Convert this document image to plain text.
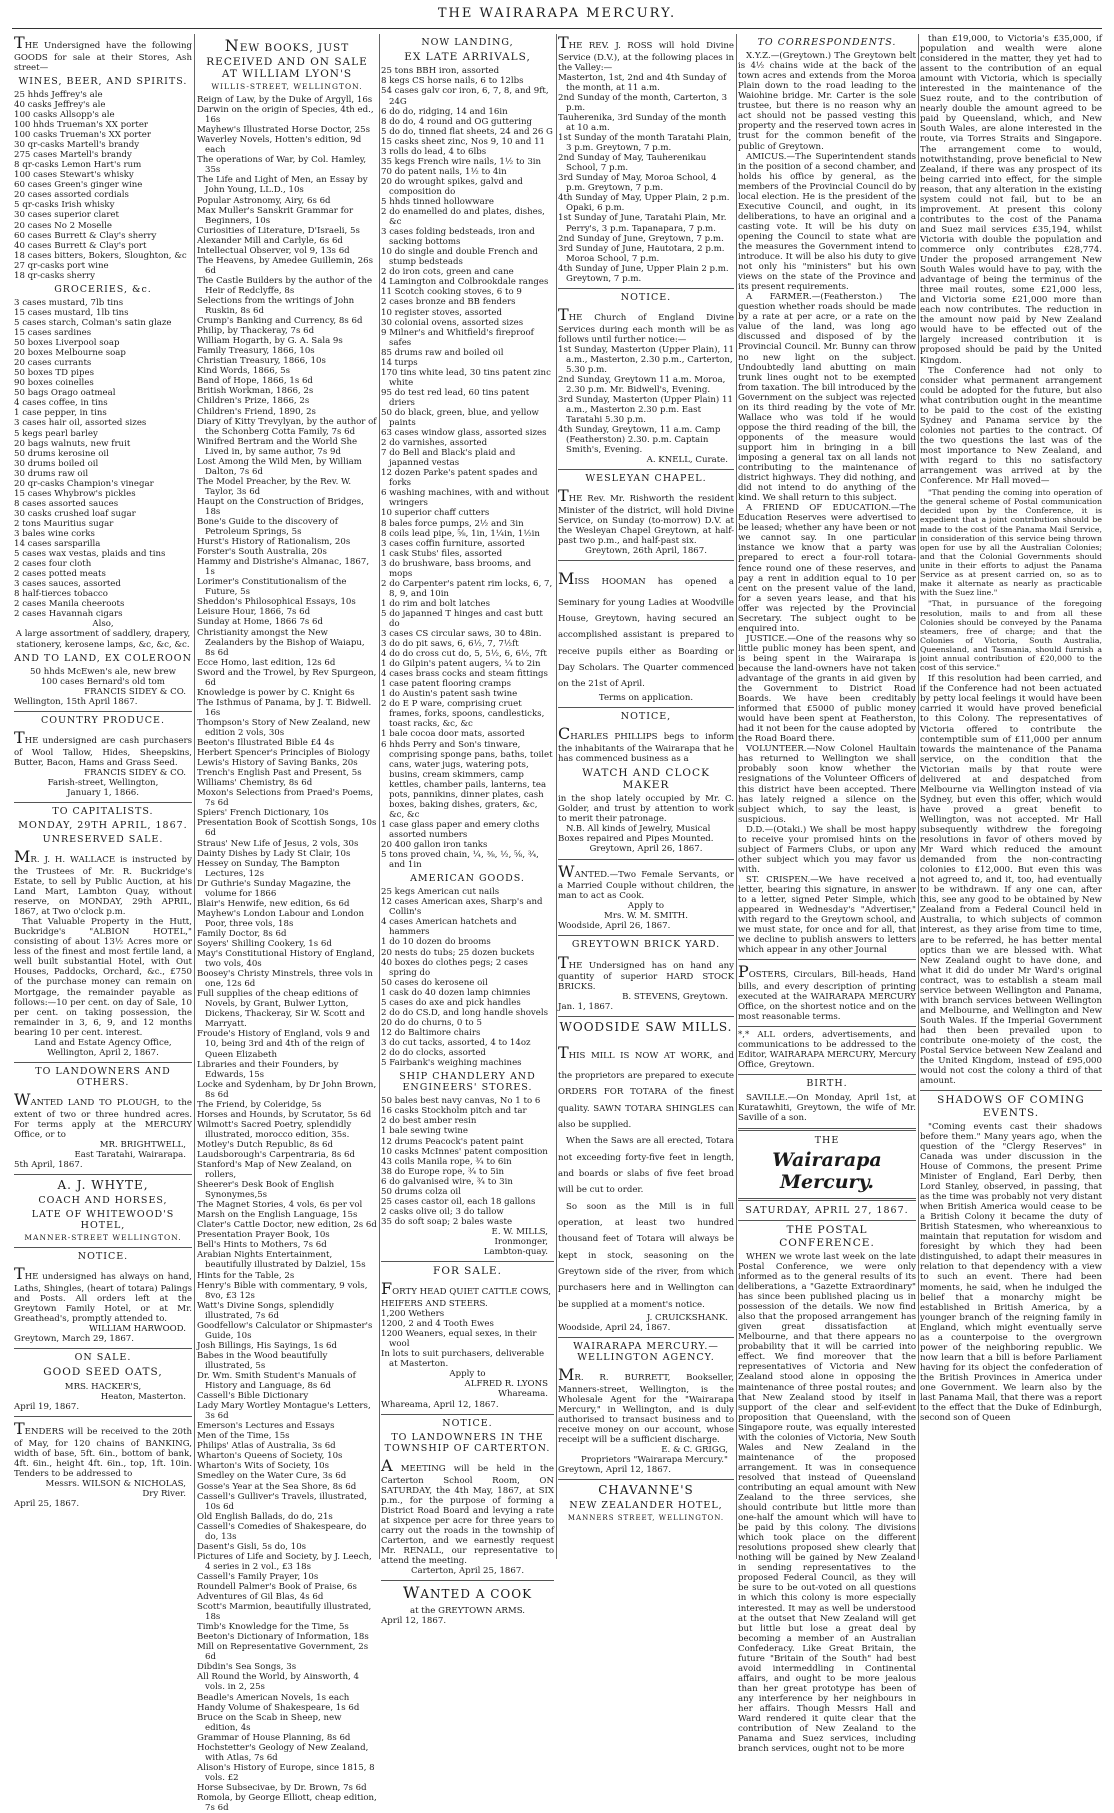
THE WAIRARAPA MERCURY.

THE Undersigned have the following GOODS for sale at their Stores, Ash street—

WINES, BEER, AND SPIRITS.
25 hhds Jeffrey's ale
40 casks Jeffrey's ale
100 casks Allsopp's ale
100 hhds Trueman's XX porter
100 casks Trueman's XX porter
30 qr-casks Martell's brandy
275 cases Martell's brandy
8 qr-casks Lemon Hart's rum
100 cases Stewart's whisky
60 cases Green's ginger wine
20 cases assorted cordials
5 qr-casks Irish whisky
30 cases superior claret
20 cases No 2 Moselle
60 cases Burrett & Clay's sherry
40 cases Burrett & Clay's port
18 cases bitters, Bokers, Sloughton, &c
27 qr-casks port wine
18 qr-casks sherry
GROCERIES, &c.
3 cases mustard, 7lb tins
15 cases mustard, 1lb tins
5 cases starch, Colman's satin glaze
15 cases sardines
50 boxes Liverpool soap
20 boxes Melbourne soap
20 cases currants
50 boxes TD pipes
90 boxes coinelles
50 bags Orago oatmeal
4 cases coffee, in tins
1 case pepper, in tins
3 cases hair oil, assorted sizes
5 kegs pearl barley
20 bags walnuts, new fruit
50 drums kerosine oil
30 drums boiled oil
30 drums raw oil
20 qr-casks Champion's vinegar
15 cases Whybrow's pickles
8 cases assorted sauces
30 casks crushed loaf sugar
2 tons Mauritius sugar
3 bales wine corks
14 cases sarsparilla
5 cases wax vestas, plaids and tins
2 cases four cloth
2 cases potted meats
3 cases sauces, assorted
8 half-tierces tobacco
2 cases Manila cheeroots
2 cases Havannah cigars
Also,

A large assortment of saddlery, drapery, stationery, kerosene lamps, &c, &c, &c.

AND TO LAND, EX COLEROON
50 hhds McEwen's ale, new brew
100 cases Bernard's old tom
FRANCIS SIDEY & CO.
Wellington, 15th April 1867.
COUNTRY PRODUCE.

THE undersigned are cash purchasers of Wool Tallow, Hides, Sheepskins, Butter, Bacon, Hams and Grass Seed.

FRANCIS SIDEY & CO.
Farish-street, Wellington,
January 1, 1866.
TO CAPITALISTS.
MONDAY, 29TH APRIL, 1867.
UNRESERVED SALE.

MR. J. H. WALLACE is instructed by the Trustees of Mr. R. Buckridge's Estate, to sell by Public Auction, at his Land Mart, Lambton Quay, without reserve, on MONDAY, 29th APRIL, 1867, at Two o'clock p.m.

That Valuable Property in the Hutt, Buckridge's "ALBION HOTEL," consisting of about 13½ Acres more or less of the finest and most fertile land, a well built substantial Hotel, with Out Houses, Paddocks, Orchard, &c., £750 of the purchase money can remain on Mortgage, the remainder payable as follows:—10 per cent. on day of Sale, 10 per cent. on taking possession, the remainder in 3, 6, 9, and 12 months bearing 10 per cent. interest.

Land and Estate Agency Office,
Wellington, April 2, 1867.
TO LANDOWNERS AND OTHERS.

WANTED LAND TO PLOUGH, to the extent of two or three hundred acres. For terms apply at the MERCURY Office, or to

MR. BRIGHTWELL,
East Taratahi, Wairarapa.
5th April, 1867.
A. J. WHYTE,
COACH AND HORSES,
LATE OF WHITEWOOD'S HOTEL,
MANNER-STREET WELLINGTON.
NOTICE.

THE undersigned has always on hand, Laths, Shingles, (heart of totara) Palings and Posts. All orders left at the Greytown Family Hotel, or at Mr. Greathead's, promptly attended to.

WILLIAM HARWOOD.
Greytown, March 29, 1867.
ON SALE.
GOOD SEED OATS,
MRS. HACKER'S,
Heaton, Masterton.
April 19, 1867.

TENDERS will be received to the 20th of May, for 120 chains of BANKING, width of base, 5ft. 6in., bottom of bank, 4ft. 6in., height 4ft. 6in., top, 1ft. 10in. Tenders to be addressed to

Messrs. WILSON & NICHOLAS,
Dry River.
April 25, 1867.
NEW BOOKS, JUST RECEIVED AND ON SALE AT WILLIAM LYON'S
WILLIS-STREET, WELLINGTON.
Reign of Law, by the Duke of Argyll, 16s
Darwin on the origin of Species, 4th ed., 16s
Mayhew's Illustrated Horse Doctor, 25s
Waverley Novels, Hotten's edition, 9d each
The operations of War, by Col. Hamley, 35s
The Life and Light of Men, an Essay by John Young, LL.D., 10s
Popular Astronomy, Airy, 6s 6d
Max Muller's Sanskrit Grammar for Beginners, 10s
Curiosities of Literature, D'Israeli, 5s
Alexander Mill and Carlyle, 6s 6d
Intellectual Observer, vol 9, 13s 6d
The Heavens, by Amedee Guillemin, 26s 6d
The Castle Builders by the author of the Heir of Redclyffe, 8s
Selections from the writings of John Ruskin, 8s 6d
Crump's Banking and Currency, 8s 6d
Philip, by Thackeray, 7s 6d
William Hogarth, by G. A. Sala 9s
Family Treasury, 1866, 10s
Christian Treasury, 1866, 10s
Kind Words, 1866, 5s
Band of Hope, 1866, 1s 6d
British Workman, 1866, 2s
Children's Prize, 1866, 2s
Children's Friend, 1890, 2s
Diary of Kitty Trevylyan, by the author of the Schonberg Cotta Family, 7s 6d
Winifred Bertram and the World She Lived in, by same author, 7s 9d
Lost Among the Wild Men, by William Dalton, 7s 6d
The Model Preacher, by the Rev. W. Taylor, 3s 6d
Haupt on the Construction of Bridges, 18s
Bone's Guide to the discovery of Petroleum Springs, 5s
Hurst's History of Rationalism, 20s
Forster's South Australia, 20s
Hammy and Distrishe's Almanac, 1867, 1s
Lorimer's Constitutionalism of the Future, 5s
Sheddon's Philosophical Essays, 10s
Leisure Hour, 1866, 7s 6d
Sunday at Home, 1866 7s 6d
Christianity amongst the New Zealanders by the Bishop of Waiapu, 8s 6d
Ecce Homo, last edition, 12s 6d
Sword and the Trowel, by Rev Spurgeon, 6d
Knowledge is power by C. Knight 6s
The Isthmus of Panama, by J. T. Bidwell. 16s
Thompson's Story of New Zealand, new edition 2 vols, 30s
Beeton's Illustrated Bible £4 4s
Herbert Spencer's Principles of Biology
Lewis's History of Saving Banks, 20s
Trench's English Past and Present, 5s
Williams' Chemistry, 8s 6d
Moxon's Selections from Praed's Poems, 7s 6d
Spiers' French Dictionary, 10s
Presentation Book of Scottish Songs, 10s 6d
Straus' New Life of Jesus, 2 vols, 30s
Dainty Dishes by Lady St Clair, 10s
Hessey on Sunday, The Bampton Lectures, 12s
Dr Guthrie's Sunday Magazine, the volume for 1866
Blair's Henwife, new edition, 6s 6d
Mayhew's London Labour and London Poor, three vols, 18s
Family Doctor, 8s 6d
Soyers' Shilling Cookery, 1s 6d
May's Constitutional History of England, two vols, 40s
Boosey's Christy Minstrels, three vols in one, 12s 6d
Full supplies of the cheap editions of Novels, by Grant, Bulwer Lytton, Dickens, Thackeray, Sir W. Scott and Marryatt.
Froude's History of England, vols 9 and 10, being 3rd and 4th of the reign of Queen Elizabeth
Libraries and their Founders, by Edwards, 15s
Locke and Sydenham, by Dr John Brown, 8s 6d
The Friend, by Coleridge, 5s
Horses and Hounds, by Scrutator, 5s 6d
Wilmott's Sacred Poetry, splendidly illustrated, morocco edition, 35s.
Motley's Dutch Republic, 8s 6d
Laudsborough's Carpentraria, 8s 6d
Stanford's Map of New Zealand, on rollers,
Sheerer's Desk Book of English Synonymes,5s
The Magnet Stories, 4 vols, 6s per vol
Marsh on the English Language, 15s
Clater's Cattle Doctor, new edition, 2s 6d
Presentation Prayer Book, 10s
Bell's Hints to Mothers, 7s 6d
Arabian Nights Entertainment, beautifully illustrated by Dalziel, 15s
Hints for the Table, 2s
Henry's Bible with commentary, 9 vols, 8vo, £3 12s
Watt's Divine Songs, splendidly illustrated, 7s 6d
Goodfellow's Calculator or Shipmaster's Guide, 10s
Josh Billings, His Sayings, 1s 6d
Babes in the Wood beautifully illustrated, 5s
Dr. Wm. Smith Student's Manuals of History and Language, 8s 6d
Cassell's Bible Dictionary
Lady Mary Wortley Montague's Letters, 3s 6d
Emerson's Lectures and Essays
Men of the Time, 15s
Philips' Atlas of Australia, 3s 6d
Wharton's Queens of Society, 10s
Wharton's Wits of Society, 10s
Smedley on the Water Cure, 3s 6d
Gosse's Year at the Sea Shore, 8s 6d
Cassell's Gulliver's Travels, illustrated, 10s 6d
Old English Ballads, do do, 21s
Cassell's Comedies of Shakespeare, do do, 13s
Dasent's Gisli, 5s do, 10s
Pictures of Life and Society, by J. Leech, 4 series in 2 vol., £3 18s
Cassell's Family Prayer, 10s
Roundell Palmer's Book of Praise, 6s
Adventures of Gil Blas, 4s 6d
Scott's Marmion, beautifully illustrated, 18s
Timb's Knowledge for the Time, 5s
Beeton's Dictionary of Information, 18s
Mill on Representative Government, 2s 6d
Dibdin's Sea Songs, 3s
All Round the World, by Ainsworth, 4 vols. in 2, 25s
Beadle's American Novels, 1s each
Handy Volume of Shakespeare, 1s 6d
Bruce on the Scab in Sheep, new edition, 4s
Grammar of House Planning, 8s 6d
Hochstetter's Geology of New Zealand, with Atlas, 7s 6d
Alison's History of Europe, since 1815, 8 vols. £2
Horse Subsecivae, by Dr. Brown, 7s 6d
Romola, by George Elliott, cheap edition, 7s 6d
NOW LANDING,
EX LATE ARRIVALS,
25 tons BBH iron, assorted
8 kegs CS horse nails, 6 to 12lbs
54 cases galv cor iron, 6, 7, 8, and 9ft, 24G
6 do do, ridging, 14 and 16in
8 do do, 4 round and OG guttering
5 do do, tinned flat sheets, 24 and 26 G
15 casks sheet zinc, Nos 9, 10 and 11
3 rolls do lead, 4 to 6lbs
35 kegs French wire nails, 1½ to 3in
70 do patent nails, 1½ to 4in
20 do wrought spikes, galvd and composition do
5 hhds tinned hollowware
2 do enamelled do and plates, dishes, &c
3 cases folding bedsteads, iron and sacking bottoms
10 do single and double French and stump bedsteads
2 do iron cots, green and cane
4 Lamington and Colbrookdale ranges
11 Scotch cooking stoves, 6 to 9
2 cases bronze and BB fenders
10 register stoves, assorted
30 colonial ovens, assorted sizes
9 Milner's and Whitfield's fireproof safes
85 drums raw and boiled oil
14 turps
170 tins white lead, 30 tins patent zinc white
95 do test red lead, 60 tins patent driers
50 do black, green, blue, and yellow paints
63 cases window glass, assorted sizes
2 do varnishes, assorted
7 do Bell and Black's plaid and japanned vestas
12 dozen Parke's patent spades and forks
6 washing machines, with and without wringers
10 superior chaff cutters
8 bales force pumps, 2½ and 3in
8 coils lead pipe, ⅝, 1in, 1¼in, 1½in
3 cases coffin furniture, assorted
1 cask Stubs' files, assorted
3 do brushware, bass brooms, and mops
2 do Carpenter's patent rim locks, 6, 7, 8, 9, and 10in
1 do rim and bolt latches
5 do japanned T hinges and cast butt do
3 cases CS circular saws, 30 to 48in.
3 do do pit saws, 6, 6½, 7, 7½ft
4 do do cross cut do, 5, 5½, 6, 6½, 7ft
1 do Gilpin's patent augers, ¼ to 2in
4 cases brass cocks and steam fittings
1 case patent flooring cramps
1 do Austin's patent sash twine
2 do E P ware, comprising cruet frames, forks, spoons, candlesticks, toast racks, &c, &c
1 bale cocoa door mats, assorted
6 hhds Perry and Son's tinware, comprising sponge pans, baths, toilet cans, water jugs, watering pots, busins, cream skimmers, camp kettles, chamber pails, lanterns, tea pots, pannikins, dinner plates, cash boxes, baking dishes, graters, &c, &c, &c
1 case glass paper and emery cloths assorted numbers
20 400 gallon iron tanks
5 tons proved chain, ¼, ⅜, ½, ⅝, ¾, and 1in
AMERICAN GOODS.
25 kegs American cut nails
12 cases American axes, Sharp's and Collin's
4 cases American hatchets and hammers
1 do 10 dozen do brooms
20 nests do tubs; 25 dozen buckets
40 boxes do clothes pegs; 2 cases spring do
50 cases do kerosene oil
1 cask do 40 dozen lamp chimnies
5 cases do axe and pick handles
2 do do CS.D, and long handle shovels
20 do do churns, 0 to 5
12 do Baltimore chairs
3 do cut tacks, assorted, 4 to 14oz
2 do do clocks, assorted
5 Fairbank's weighing machines
SHIP CHANDLERY AND ENGINEERS' STORES.
50 bales best navy canvas, No 1 to 6
16 casks Stockholm pitch and tar
2 do best amber resin
1 bale sewing twine
12 drums Peacock's patent paint
10 casks McInnes' patent composition
43 coils Manila rope, ¾ to 6in
38 do Europe rope, ¾ to 5in
6 do galvanised wire, ¾ to 3in
50 drums colza oil
25 cases castor oil, each 18 gallons
2 casks olive oil; 3 do tallow
35 do soft soap; 2 bales waste
E. W. MILLS,
Ironmonger,
Lambton-quay.
FOR SALE.

FORTY HEAD QUIET CATTLE COWS, HEIFERS AND STEERS.

1,200 Wethers
1200, 2 and 4 Tooth Ewes
1200 Weaners, equal sexes, in their wool
In lots to suit purchasers, deliverable at Masterton.
Apply to
ALFRED R. LYONS
Whareama.
Whareama, April 12, 1867.
NOTICE.
TO LANDOWNERS IN THE TOWNSHIP OF CARTERTON.

A MEETING will be held in the Carterton School Room, ON SATURDAY, the 4th May, 1867, at SIX p.m., for the purpose of forming a District Road Board and levying a rate at sixpence per acre for three years to carry out the roads in the township of Carterton, and we earnestly request Mr. RENALL, our representative to attend the meeting.

Carterton, April 25, 1867.
WANTED A COOK
at the GREYTOWN ARMS.
April 12, 1867.

THE REV. J. ROSS will hold Divine Service (D.V.), at the following places in the Valley:—

Masterton, 1st, 2nd and 4th Sunday of the month, at 11 a.m.
2nd Sunday of the month, Carterton, 3 p.m.
Tauherenika, 3rd Sunday of the month at 10 a.m.
1st Sunday of the month Taratahi Plain, 3 p.m. Greytown, 7 p.m.
2nd Sunday of May, Tauherenikau School, 7 p.m.
3rd Sunday of May, Moroa School, 4 p.m. Greytown, 7 p.m.
4th Sunday of May, Upper Plain, 2 p.m. Opaki, 6 p.m.
1st Sunday of June, Taratahi Plain, Mr. Perry's, 3 p.m. Tapanapara, 7 p.m.
2nd Sunday of June, Greytown, 7 p.m.
3rd Sunday of June, Hautotara, 2 p.m. Moroa School, 7 p.m.
4th Sunday of June, Upper Plain 2 p.m. Greytown, 7 p.m.
NOTICE.

THE Church of England Divine Services during each month will be as follows until further notice:—

1st Sunday, Masterton (Upper Plain), 11 a.m., Masterton, 2.30 p.m., Carterton, 5.30 p.m.
2nd Sunday, Greytown 11 a.m. Moroa, 2.30 p.m. Mr. Bidwell's, Evening.
3rd Sunday, Masterton (Upper Plain) 11 a.m., Masterton 2.30 p.m. East Taratahi 5.30 p.m.
4th Sunday, Greytown, 11 a.m. Camp (Featherston) 2.30. p.m. Captain Smith's, Evening.
A. KNELL, Curate.
WESLEYAN CHAPEL.

THE Rev. Mr. Rishworth the resident Minister of the district, will hold Divine Service, on Sunday (to-morrow) D.V. at the Wesleyan Chapel Greytown, at half-past two p.m., and half-past six.

Greytown, 26th April, 1867.

MISS HOOMAN has opened a Seminary for young Ladies at Woodville House, Greytown, having secured an accomplished assistant is prepared to receive pupils either as Boarding or Day Scholars. The Quarter commenced on the 21st of April.

Terms on application.
NOTICE,

CHARLES PHILLIPS begs to inform the inhabitants of the Wairarapa that he has commenced business as a

WATCH AND CLOCK MAKER

in the shop lately occupied by Mr. C. Golder, and trust by attention to work to merit their patronage.

N.B. All kinds of Jewelry, Musical Boxes repaired and Pipes Mounted.

Greytown, April 26, 1867.

WANTED.—Two Female Servants, or a Married Couple without children, the man to act as Cook.

Apply to
Mrs. W. M. SMITH.
Woodside, April 26, 1867.
GREYTOWN BRICK YARD.

THE Undersigned has on hand any quantity of superior HARD STOCK BRICKS.

B. STEVENS, Greytown.
Jan. 1, 1867.
WOODSIDE SAW MILLS.

THIS MILL IS NOW AT WORK, and the proprietors are prepared to execute ORDERS FOR TOTARA of the finest quality. SAWN TOTARA SHINGLES can also be supplied.

When the Saws are all erected, Totara not exceeding forty-five feet in length, and boards or slabs of five feet broad will be cut to order.

So soon as the Mill is in full operation, at least two hundred thousand feet of Totara will always be kept in stock, seasoning on the Greytown side of the river, from which purchasers here and in Wellington can be supplied at a moment's notice.

J. CRUICKSHANK.
Woodside, April 24, 1867.
WAIRARAPA MERCURY.—WELLINGTON AGENCY.

MR. R. BURRETT, Bookseller, Manners-street, Wellington, is the Wholesale Agent for the "Wairarapa Mercury," in Wellington, and is duly authorised to transact business and to receive money on our account, whose receipt will be a sufficient discharge.

E. & C. GRIGG,
Proprietors "Wairarapa Mercury."
Greytown, April 12, 1867.
CHAVANNE'S
NEW ZEALANDER HOTEL,
MANNERS STREET, WELLINGTON.
TO CORRESPONDENTS.

X.Y.Z.—(Greytown.) The Greytown belt is 4½ chains wide at the back of the town acres and extends from the Moroa Plain down to the road leading to the Waiohine bridge. Mr. Carter is the sole trustee, but there is no reason why an act should not be passed vesting this property and the reserved town acres in trust for the common benefit of the public of Greytown.

AMICUS.—The Superintendent stands in the position of a second chamber, and holds his office by general, as the members of the Provincial Council do by local election. He is the president of the Executive Council, and ought, in its deliberations, to have an original and a casting vote. It will be his duty on opening the Council to state what are the measures the Government intend to introduce. It will be also his duty to give not only his "ministers" but his own views on the state of the Province and its present requirements.

A FARMER.—(Featherston.) The question whether roads should be made by a rate at per acre, or a rate on the value of the land, was long ago discussed and disposed of by the Provincial Council. Mr. Bunny can throw no new light on the subject. Undoubtedly land abutting on main trunk lines ought not to be exempted from taxation. The bill introduced by the Government on the subject was rejected on its third reading by the vote of Mr. Wallace who was told if he would oppose the third reading of the bill, the opponents of the measure would support him in bringing in a bill imposing a general tax on all lands not contributing to the maintenance of district highways. They did nothing, and did not intend to do anything of the kind. We shall return to this subject.

A FRIEND OF EDUCATION.—The Education Reserves were advertised to be leased; whether any have been or not we cannot say. In one particular instance we know that a party was prepared to erect a four-roll totara-fence round one of these reserves, and pay a rent in addition equal to 10 per cent on the present value of the land, for a seven years lease, and that his offer was rejected by the Provincial Secretary. The subject ought to be enquired into.

JUSTICE.—One of the reasons why so little public money has been spent, and is being spent in the Wairarapa is because the land-owners have not taken advantage of the grants in aid given by the Government to District Road Boards. We have been creditably informed that £5000 of public money would have been spent at Featherston, had it not been for the cause adopted by the Road Board there.

VOLUNTEER.—Now Colonel Haultain has returned to Wellington we shall probably soon know whether the resignations of the Volunteer Officers of this district have been accepted. There has lately reigned a silence on the subject which, to say the least, is suspicious.

D.D.—(Otaki.) We shall be most happy to receive your promised hints on the subject of Farmers Clubs, or upon any other subject which you may favor us with.

ST. CRISPEN.—We have received a letter, bearing this signature, in answer to a letter, signed Peter Simple, which appeared in Wednesday's "Advertiser," with regard to the Greytown school, and we must state, for once and for all, that we decline to publish answers to letters which appear in any other Journal

POSTERS, Circulars, Bill-heads, Hand bills, and every description of printing executed at the WAIRARAPA MERCURY Office, on the shortest notice and on the most reasonable terms.

*,* ALL orders, advertisements, and communications to be addressed to the Editor, WAIRARAPA MERCURY, Mercury Office, Greytown.

BIRTH.

SAVILLE.—On Monday, April 1st, at Kuratawhiti, Greytown, the wife of Mr. Saville of a son.

THE
Wairarapa Mercury.
SATURDAY, APRIL 27, 1867.
THE POSTAL CONFERENCE.

WHEN we wrote last week on the late Postal Conference, we were only informed as to the general results of its deliberations, a "Gazette Extraordinary" has since been published placing us in possession of the details. We now find also that the proposed arrangement has given great dissatisfaction at Melbourne, and that there appears no probability that it will be carried into effect. We find moreover that the representatives of Victoria and New Zealand stood alone in opposing the maintenance of three postal routes; and that New Zealand stood by itself in support of the clear and self-evident proposition that Queensland, with the Singapore route, was equally interested with the colonies of Victoria, New South Wales and New Zealand in the maintenance of the proposed arrangement. It was in consequence resolved that instead of Queensland contributing an equal amount with New Zealand to the three services, she should contribute but little more than one-half the amount which will have to be paid by this colony. The divisions which took place on the different resolutions proposed shew clearly that nothing will be gained by New Zealand in sending representatives to the proposed Federal Council, as they will be sure to be out-voted on all questions in which this colony is more especially interested. It may as well be understood at the outset that New Zealand will get but little but lose a great deal by becoming a member of an Australian Confederacy. Like Great Britain, the future "Britain of the South" had best avoid intermeddling in Continental affairs, and ought to be more jealous than her great prototype has been of any interference by her neighbours in her affairs. Though Messrs Hall and Ward rendered it quite clear that the contribution of New Zealand to the Panama and Suez services, including branch services, ought not to be more

than £19,000, to Victoria's £35,000, if population and wealth were alone considered in the matter, they yet had to assent to the contribution of an equal amount with Victoria, which is specially interested in the maintenance of the Suez route, and to the contribution of nearly double the amount agreed to be paid by Queensland, which, and New South Wales, are alone interested in the route, via Torres Straits and Singapore. The arrangement come to would, notwithstanding, prove beneficial to New Zealand, if there was any prospect of its being carried into effect, for the simple reason, that any alteration in the existing system could not fail, but to be an improvement. At present this colony contributes to the cost of the Panama and Suez mail services £35,194, whilst Victoria with double the population and commerce only contributes £28,774. Under the proposed arrangement New South Wales would have to pay, with the advantage of being the terminus of the three mail routes, some £21,000 less, and Victoria some £21,000 more than each now contributes. The reduction in the amount now paid by New Zealand would have to be effected out of the largely increased contribution it is proposed should be paid by the United Kingdom.

The Conference had not only to consider what permanent arrangement could be adopted for the future, but also what contribution ought in the meantime to be paid to the cost of the existing Sydney and Panama service by the colonies not parties to the contract. Of the two questions the last was of the most importance to New Zealand, and with regard to this no satisfactory arrangement was arrived at by the Conference. Mr Hall moved—

"That pending the coming into operation of the general scheme of Postal communication decided upon by the Conference, it is expedient that a joint contribution should be made to the cost of the Panama Mail Service, in consideration of this service being thrown open for use by all the Australian Colonies; and that the Colonial Governments should unite in their efforts to adjust the Panama Service as at present carried on, so as to make it alternate as nearly as practicable with the Suez line."

"That, in pursuance of the foregoing resolution, mails to and from all these Colonies should be conveyed by the Panama steamers, free of charge; and that the Colonies of Victoria, South Australia, Queensland, and Tasmania, should furnish a joint annual contribution of £20,000 to the cost of this service."

If this resolution had been carried, and if the Conference had not been actuated by petty local feelings it would have been carried it would have proved beneficial to this Colony. The representatives of Victoria offered to contribute the contemptible sum of £11,000 per annum towards the maintenance of the Panama service, on the condition that the Victorian mails by that route were delivered at and despatched from Melbourne via Wellington instead of via Sydney, but even this offer, which would have proved a great benefit to Wellington, was not accepted. Mr Hall subsequently withdrew the foregoing resolutions in favor of others moved by Mr Ward which reduced the amount demanded from the non-contracting colonies to £12,000. But even this was not agreed to, and it, too, had eventually to be withdrawn. If any one can, after this, see any good to be obtained by New Zealand from a Federal Council held in Australia, to which subjects of common interest, as they arise from time to time, are to be referred, he has better mental optics than we are blessed with. What New Zealand ought to have done, and what it did do under Mr Ward's original contract, was to establish a steam mail service between Wellington and Panama, with branch services between Wellington and Melbourne, and Wellington and New South Wales. If the Imperial Government had then been prevailed upon to contribute one-moiety of the cost, the Postal Service between New Zealand and the United Kingdom, instead of £95,000 would not cost the colony a third of that amount.

SHADOWS OF COMING EVENTS.

"Coming events cast their shadows before them." Many years ago, when the question of the "Clergy Reserves" in Canada was under discussion in the House of Commons, the present Prime Minister of England, Earl Derby, then Lord Stanley, observed, in passing, that as the time was probably not very distant when British America would cease to be a British Colony it became the duty of British Statesmen, who whereanxious to maintain that reputation for wisdom and foresight by which they had been distinguished, to adapt their measures in relation to that dependency with a view to such an event. There had been moments, he said, when he indulged the belief that a monarchy might be established in British America, by a younger branch of the reigning family in England, which might eventually serve as a counterpoise to the overgrown power of the neighboring republic. We now learn that a bill is before Parliament having for its object the confederation of the British Provinces in America under one Government. We learn also by the last Panama Mail, that there was a report to the effect that the Duke of Edinburgh, second son of Queen
